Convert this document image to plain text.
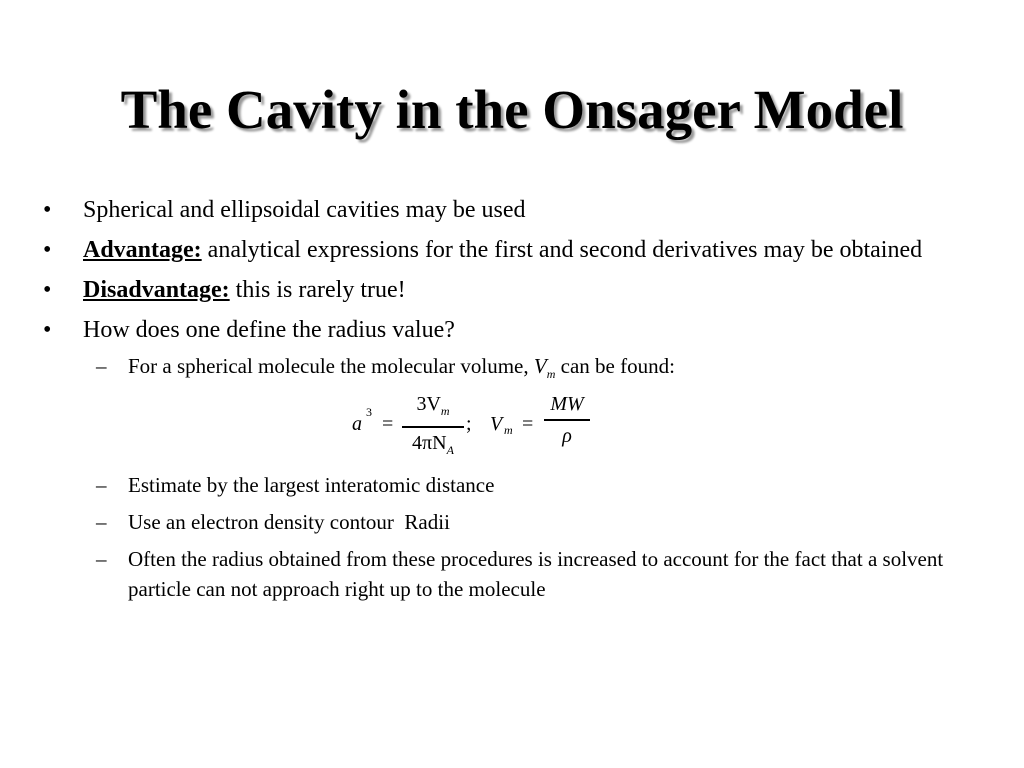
The Cavity in the Onsager Model
• Spherical and ellipsoidal cavities may be used
• Advantage: analytical expressions for the first and second derivatives may be obtained
• Disadvantage: this is rarely true!
• How does one define the radius value?
– For a spherical molecule the molecular volume, $V_m$ can be found:
a
3
=
$3V_m$
$4\pi N_A$
; V m =
MW
ρ
– Estimate by the largest interatomic distance
– Use an electron density contour  Radii
– Often the radius obtained from these procedures is increased to account for the fact that a solvent particle can not approach right up to the molecule
